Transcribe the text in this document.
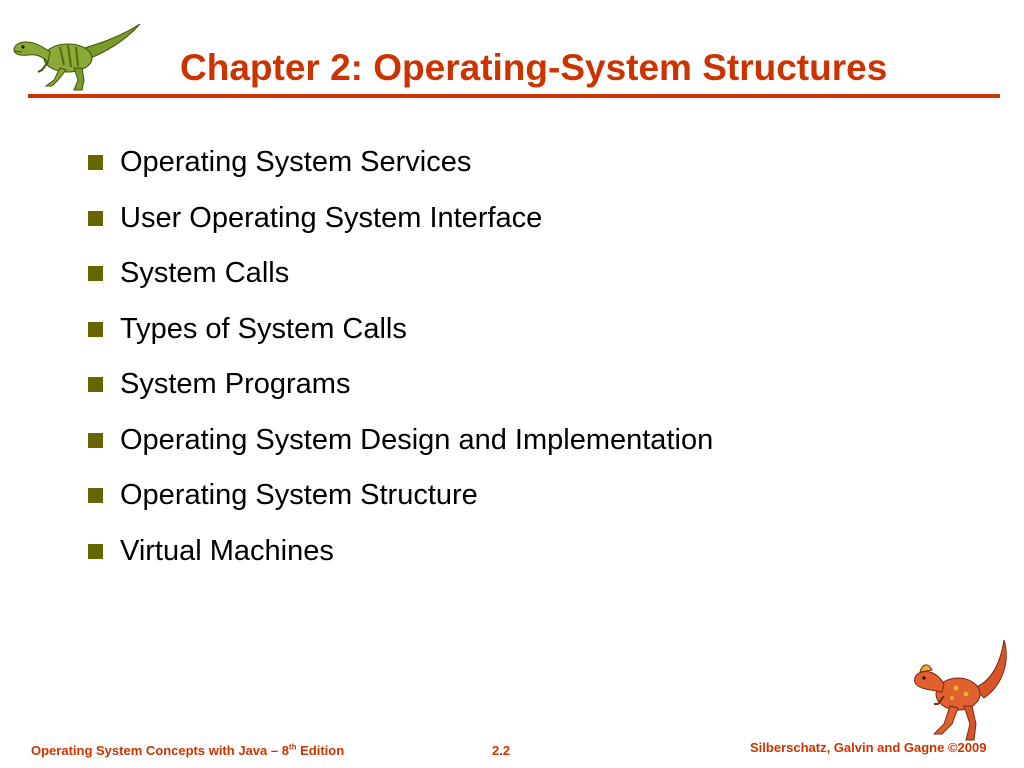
Chapter 2: Operating-System Structures
Operating System Services
User Operating System Interface
System Calls
Types of System Calls
System Programs
Operating System Design and Implementation
Operating System Structure
Virtual Machines
Operating System Concepts with Java – 8th Edition	2.2	Silberschatz, Galvin and Gagne ©2009
